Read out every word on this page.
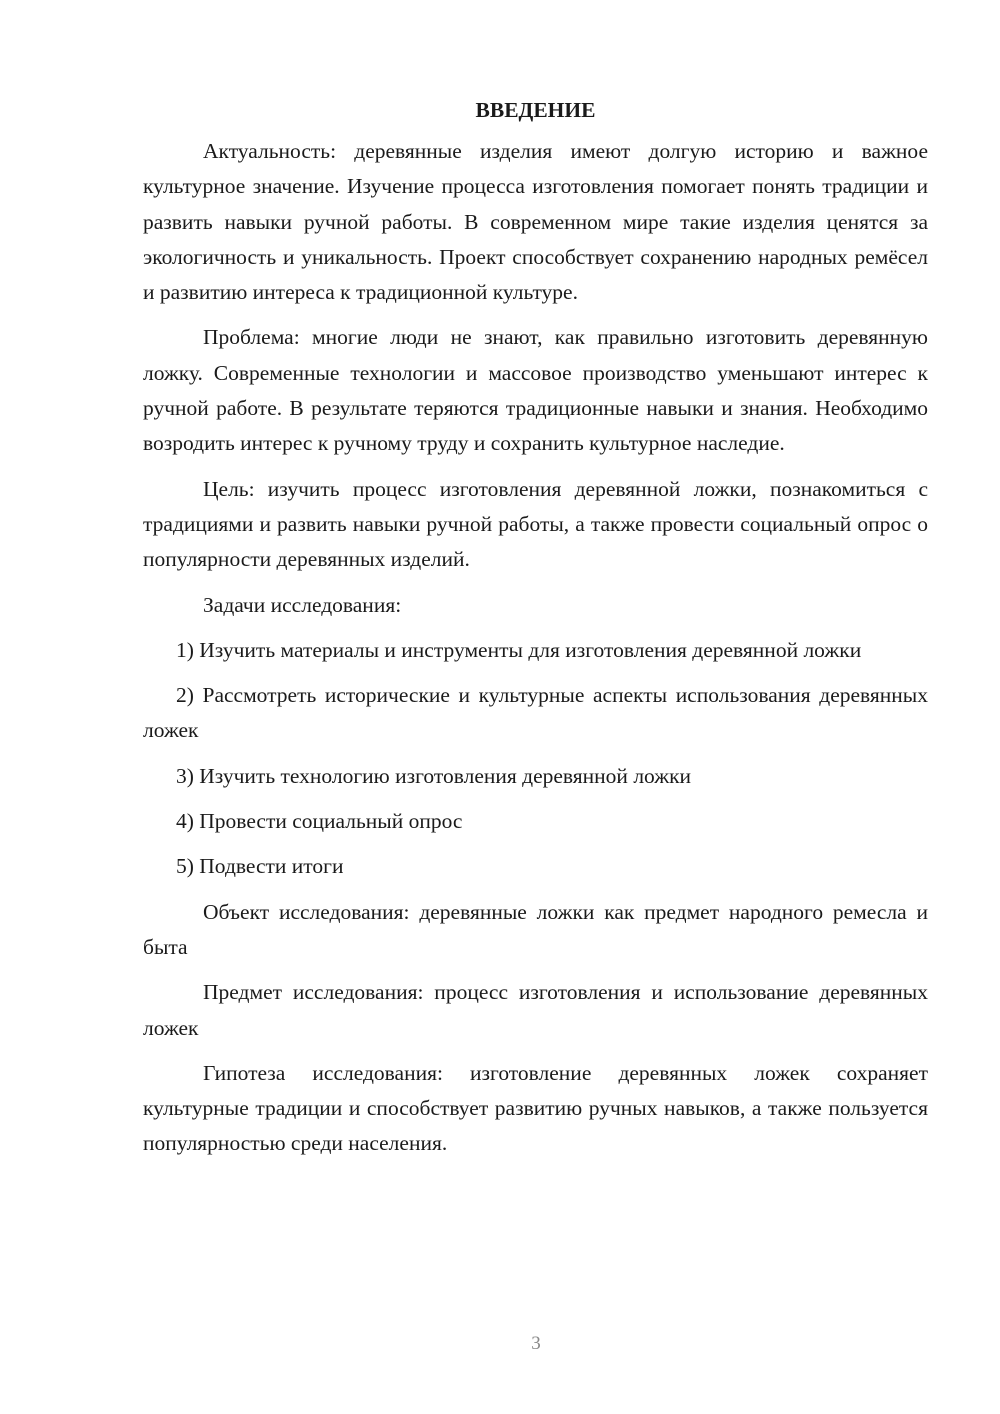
ВВЕДЕНИЕ

Актуальность: деревянные изделия имеют долгую историю и важное культурное значение. Изучение процесса изготовления помогает понять традиции и развить навыки ручной работы. В современном мире такие изделия ценятся за экологичность и уникальность. Проект способствует сохранению народных ремёсел и развитию интереса к традиционной культуре.

Проблема: многие люди не знают, как правильно изготовить деревянную ложку. Современные технологии и массовое производство уменьшают интерес к ручной работе. В результате теряются традиционные навыки и знания. Необходимо возродить интерес к ручному труду и сохранить культурное наследие.

Цель: изучить процесс изготовления деревянной ложки, познакомиться с традициями и развить навыки ручной работы, а также провести социальный опрос о популярности деревянных изделий.

Задачи исследования:

1) Изучить материалы и инструменты для изготовления деревянной ложки

2) Рассмотреть исторические и культурные аспекты использования деревянных ложек

3) Изучить технологию изготовления деревянной ложки

4) Провести социальный опрос

5) Подвести итоги

Объект исследования: деревянные ложки как предмет народного ремесла и быта

Предмет исследования: процесс изготовления и использование деревянных ложек

Гипотеза исследования: изготовление деревянных ложек сохраняет культурные традиции и способствует развитию ручных навыков, а также пользуется популярностью среди населения.

3
